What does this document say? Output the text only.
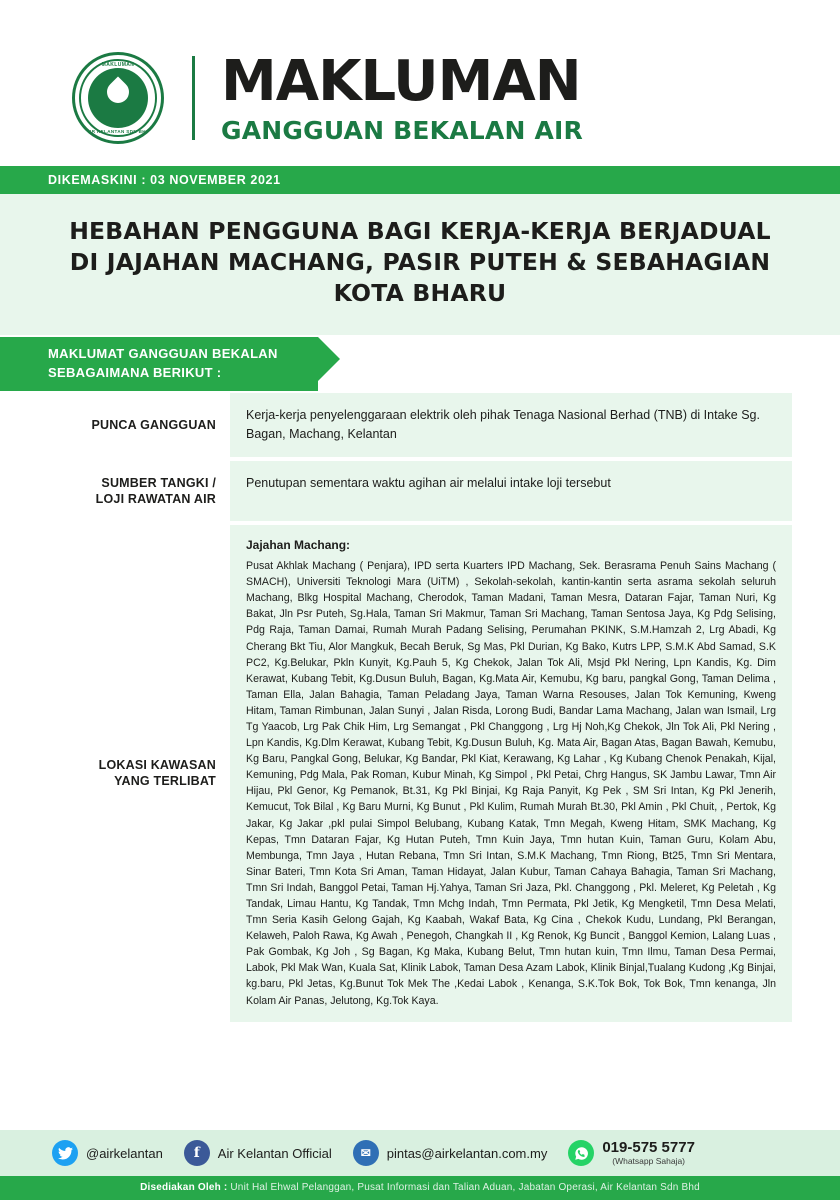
MAKLUMAN
AIR KELANTAN SDN BHD
MAKLUMAN
GANGGUAN BEKALAN AIR
DIKEMASKINI : 03 NOVEMBER 2021
HEBAHAN PENGGUNA BAGI KERJA-KERJA BERJADUAL
DI JAJAHAN MACHANG, PASIR PUTEH & SEBAHAGIAN
KOTA BHARU
MAKLUMAT GANGGUAN BEKALAN
SEBAGAIMANA BERIKUT :
PUNCA GANGGUAN
Kerja-kerja penyelenggaraan elektrik oleh pihak Tenaga Nasional Berhad (TNB) di Intake Sg. Bagan, Machang, Kelantan
SUMBER TANGKI /
LOJI RAWATAN AIR
Penutupan sementara waktu agihan air melalui intake loji tersebut
LOKASI KAWASAN
YANG TERLIBAT
Jajahan Machang:
Pusat Akhlak Machang ( Penjara), IPD serta Kuarters IPD Machang, Sek. Berasrama Penuh Sains Machang ( SMACH), Universiti Teknologi Mara (UiTM) , Sekolah-sekolah, kantin-kantin serta asrama sekolah seluruh Machang, Blkg Hospital Machang, Cherodok, Taman Madani, Taman Mesra, Dataran Fajar, Taman Nuri, Kg Bakat, Jln Psr Puteh, Sg.Hala, Taman Sri Makmur, Taman Sri Machang, Taman Sentosa Jaya, Kg Pdg Selising, Pdg Raja, Taman Damai, Rumah Murah Padang Selising, Perumahan PKINK, S.M.Hamzah 2, Lrg Abadi, Kg Cherang Bkt Tiu, Alor Mangkuk, Becah Beruk, Sg Mas, Pkl Durian, Kg Bako, Kutrs LPP, S.M.K Abd Samad, S.K PC2, Kg.Belukar, Pkln Kunyit, Kg.Pauh 5, Kg Chekok, Jalan Tok Ali, Msjd Pkl Nering, Lpn Kandis, Kg. Dim Kerawat, Kubang Tebit, Kg.Dusun Buluh, Bagan, Kg.Mata Air, Kemubu, Kg baru, pangkal Gong, Taman Delima , Taman Ella, Jalan Bahagia, Taman Peladang Jaya, Taman Warna Resouses, Jalan Tok Kemuning, Kweng Hitam, Taman Rimbunan, Jalan Sunyi , Jalan Risda, Lorong Budi, Bandar Lama Machang, Jalan wan Ismail, Lrg Tg Yaacob, Lrg Pak Chik Him, Lrg Semangat , Pkl Changgong , Lrg Hj Noh,Kg Chekok, Jln Tok Ali, Pkl Nering , Lpn Kandis, Kg.Dlm Kerawat, Kubang Tebit, Kg.Dusun Buluh, Kg. Mata Air, Bagan Atas, Bagan Bawah, Kemubu, Kg Baru, Pangkal Gong, Belukar, Kg Bandar, Pkl Kiat, Kerawang, Kg Lahar , Kg Kubang Chenok Penakah, Kijal, Kemuning, Pdg Mala, Pak Roman, Kubur Minah, Kg Simpol , Pkl Petai, Chrg Hangus, SK Jambu Lawar, Tmn Air Hijau, Pkl Genor, Kg Pemanok, Bt.31, Kg Pkl Binjai, Kg Raja Panyit, Kg Pek , SM Sri Intan, Kg Pkl Jenerih, Kemucut, Tok Bilal , Kg Baru Murni, Kg Bunut , Pkl Kulim, Rumah Murah Bt.30, Pkl Amin , Pkl Chuit, , Pertok, Kg Jakar, Kg Jakar ,pkl pulai Simpol Belubang, Kubang Katak, Tmn Megah, Kweng Hitam, SMK Machang, Kg Kepas, Tmn Dataran Fajar, Kg Hutan Puteh, Tmn Kuin Jaya, Tmn hutan Kuin, Taman Guru, Kolam Abu, Membunga, Tmn Jaya , Hutan Rebana, Tmn Sri Intan, S.M.K Machang, Tmn Riong, Bt25, Tmn Sri Mentara, Sinar Bateri, Tmn Kota Sri Aman, Taman Hidayat, Jalan Kubur, Taman Cahaya Bahagia, Taman Sri Machang, Tmn Sri Indah, Banggol Petai, Taman Hj.Yahya, Taman Sri Jaza, Pkl. Changgong , Pkl. Meleret, Kg Peletah , Kg Tandak, Limau Hantu, Kg Tandak, Tmn Mchg Indah, Tmn Permata, Pkl Jetik, Kg Mengketil, Tmn Desa Melati, Tmn Seria Kasih Gelong Gajah, Kg Kaabah, Wakaf Bata, Kg Cina , Chekok Kudu, Lundang, Pkl Berangan, Kelaweh, Paloh Rawa, Kg Awah , Penegoh, Changkah II , Kg Renok, Kg Buncit , Banggol Kemion, Lalang Luas , Pak Gombak, Kg Joh , Sg Bagan, Kg Maka, Kubang Belut, Tmn hutan kuin, Tmn Ilmu, Taman Desa Permai, Labok, Pkl Mak Wan, Kuala Sat, Klinik Labok, Taman Desa Azam Labok, Klinik Binjal,Tualang Kudong ,Kg Binjai, kg.baru, Pkl Jetas, Kg.Bunut Tok Mek The ,Kedai Labok , Kenanga, S.K.Tok Bok, Tok Bok, Tmn kenanga, Jln Kolam Air Panas, Jelutong, Kg.Tok Kaya.
@airkelantan	f	Air Kelantan Official	✉	pintas@airkelantan.com.my	019-575 5777
(Whatsapp Sahaja)
Disediakan Oleh : Unit Hal Ehwal Pelanggan, Pusat Informasi dan Talian Aduan, Jabatan Operasi, Air Kelantan Sdn Bhd
